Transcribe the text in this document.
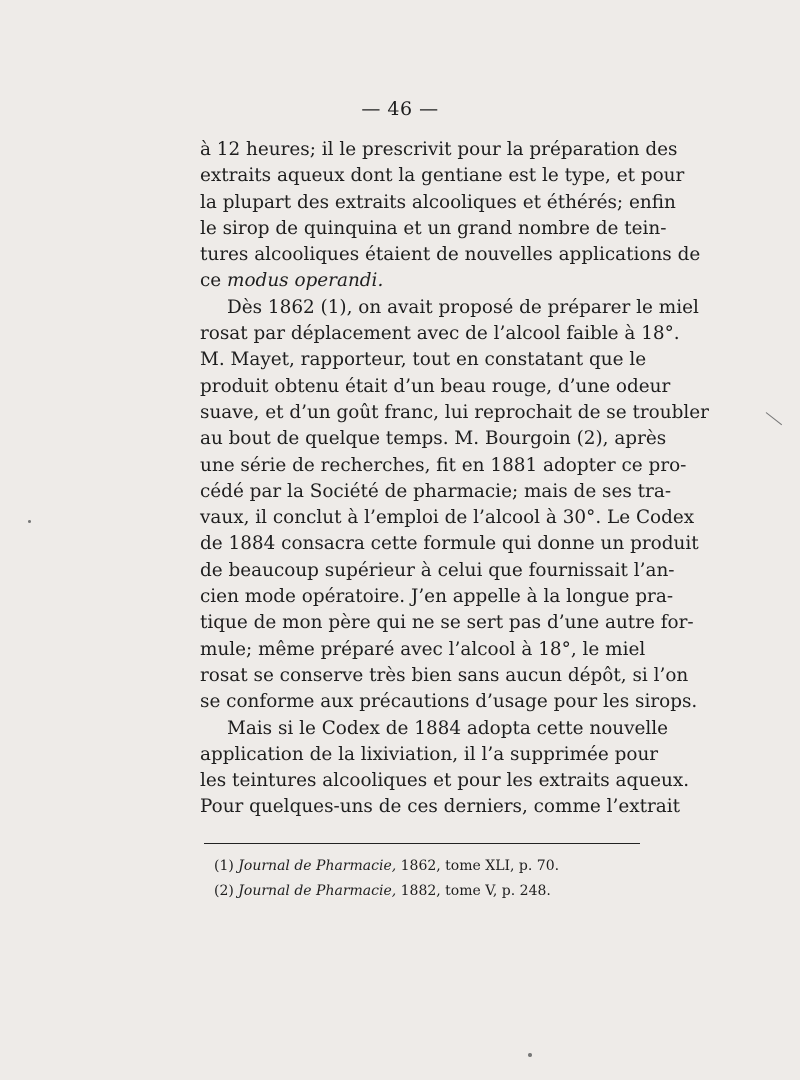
— 46 —
à 12 heures; il le prescrivit pour la préparation des
extraits aqueux dont la gentiane est le type, et pour
la plupart des extraits alcooliques et éthérés; enfin
le sirop de quinquina et un grand nombre de tein-
tures alcooliques étaient de nouvelles applications de
ce modus operandi.
Dès 1862 (1), on avait proposé de préparer le miel
rosat par déplacement avec de l’alcool faible à 18°.
M. Mayet, rapporteur, tout en constatant que le
produit obtenu était d’un beau rouge, d’une odeur
suave, et d’un goût franc, lui reprochait de se troubler
au bout de quelque temps. M. Bourgoin (2), après
une série de recherches, fit en 1881 adopter ce pro-
cédé par la Société de pharmacie; mais de ses tra-
vaux, il conclut à l’emploi de l’alcool à 30°. Le Codex
de 1884 consacra cette formule qui donne un produit
de beaucoup supérieur à celui que fournissait l’an-
cien mode opératoire. J’en appelle à la longue pra-
tique de mon père qui ne se sert pas d’une autre for-
mule; même préparé avec l’alcool à 18°, le miel
rosat se conserve très bien sans aucun dépôt, si l’on
se conforme aux précautions d’usage pour les sirops.
Mais si le Codex de 1884 adopta cette nouvelle
application de la lixiviation, il l’a supprimée pour
les teintures alcooliques et pour les extraits aqueux.
Pour quelques-uns de ces derniers, comme l’extrait
(1) Journal de Pharmacie, 1862, tome XLI, p. 70.
(2) Journal de Pharmacie, 1882, tome V, p. 248.
